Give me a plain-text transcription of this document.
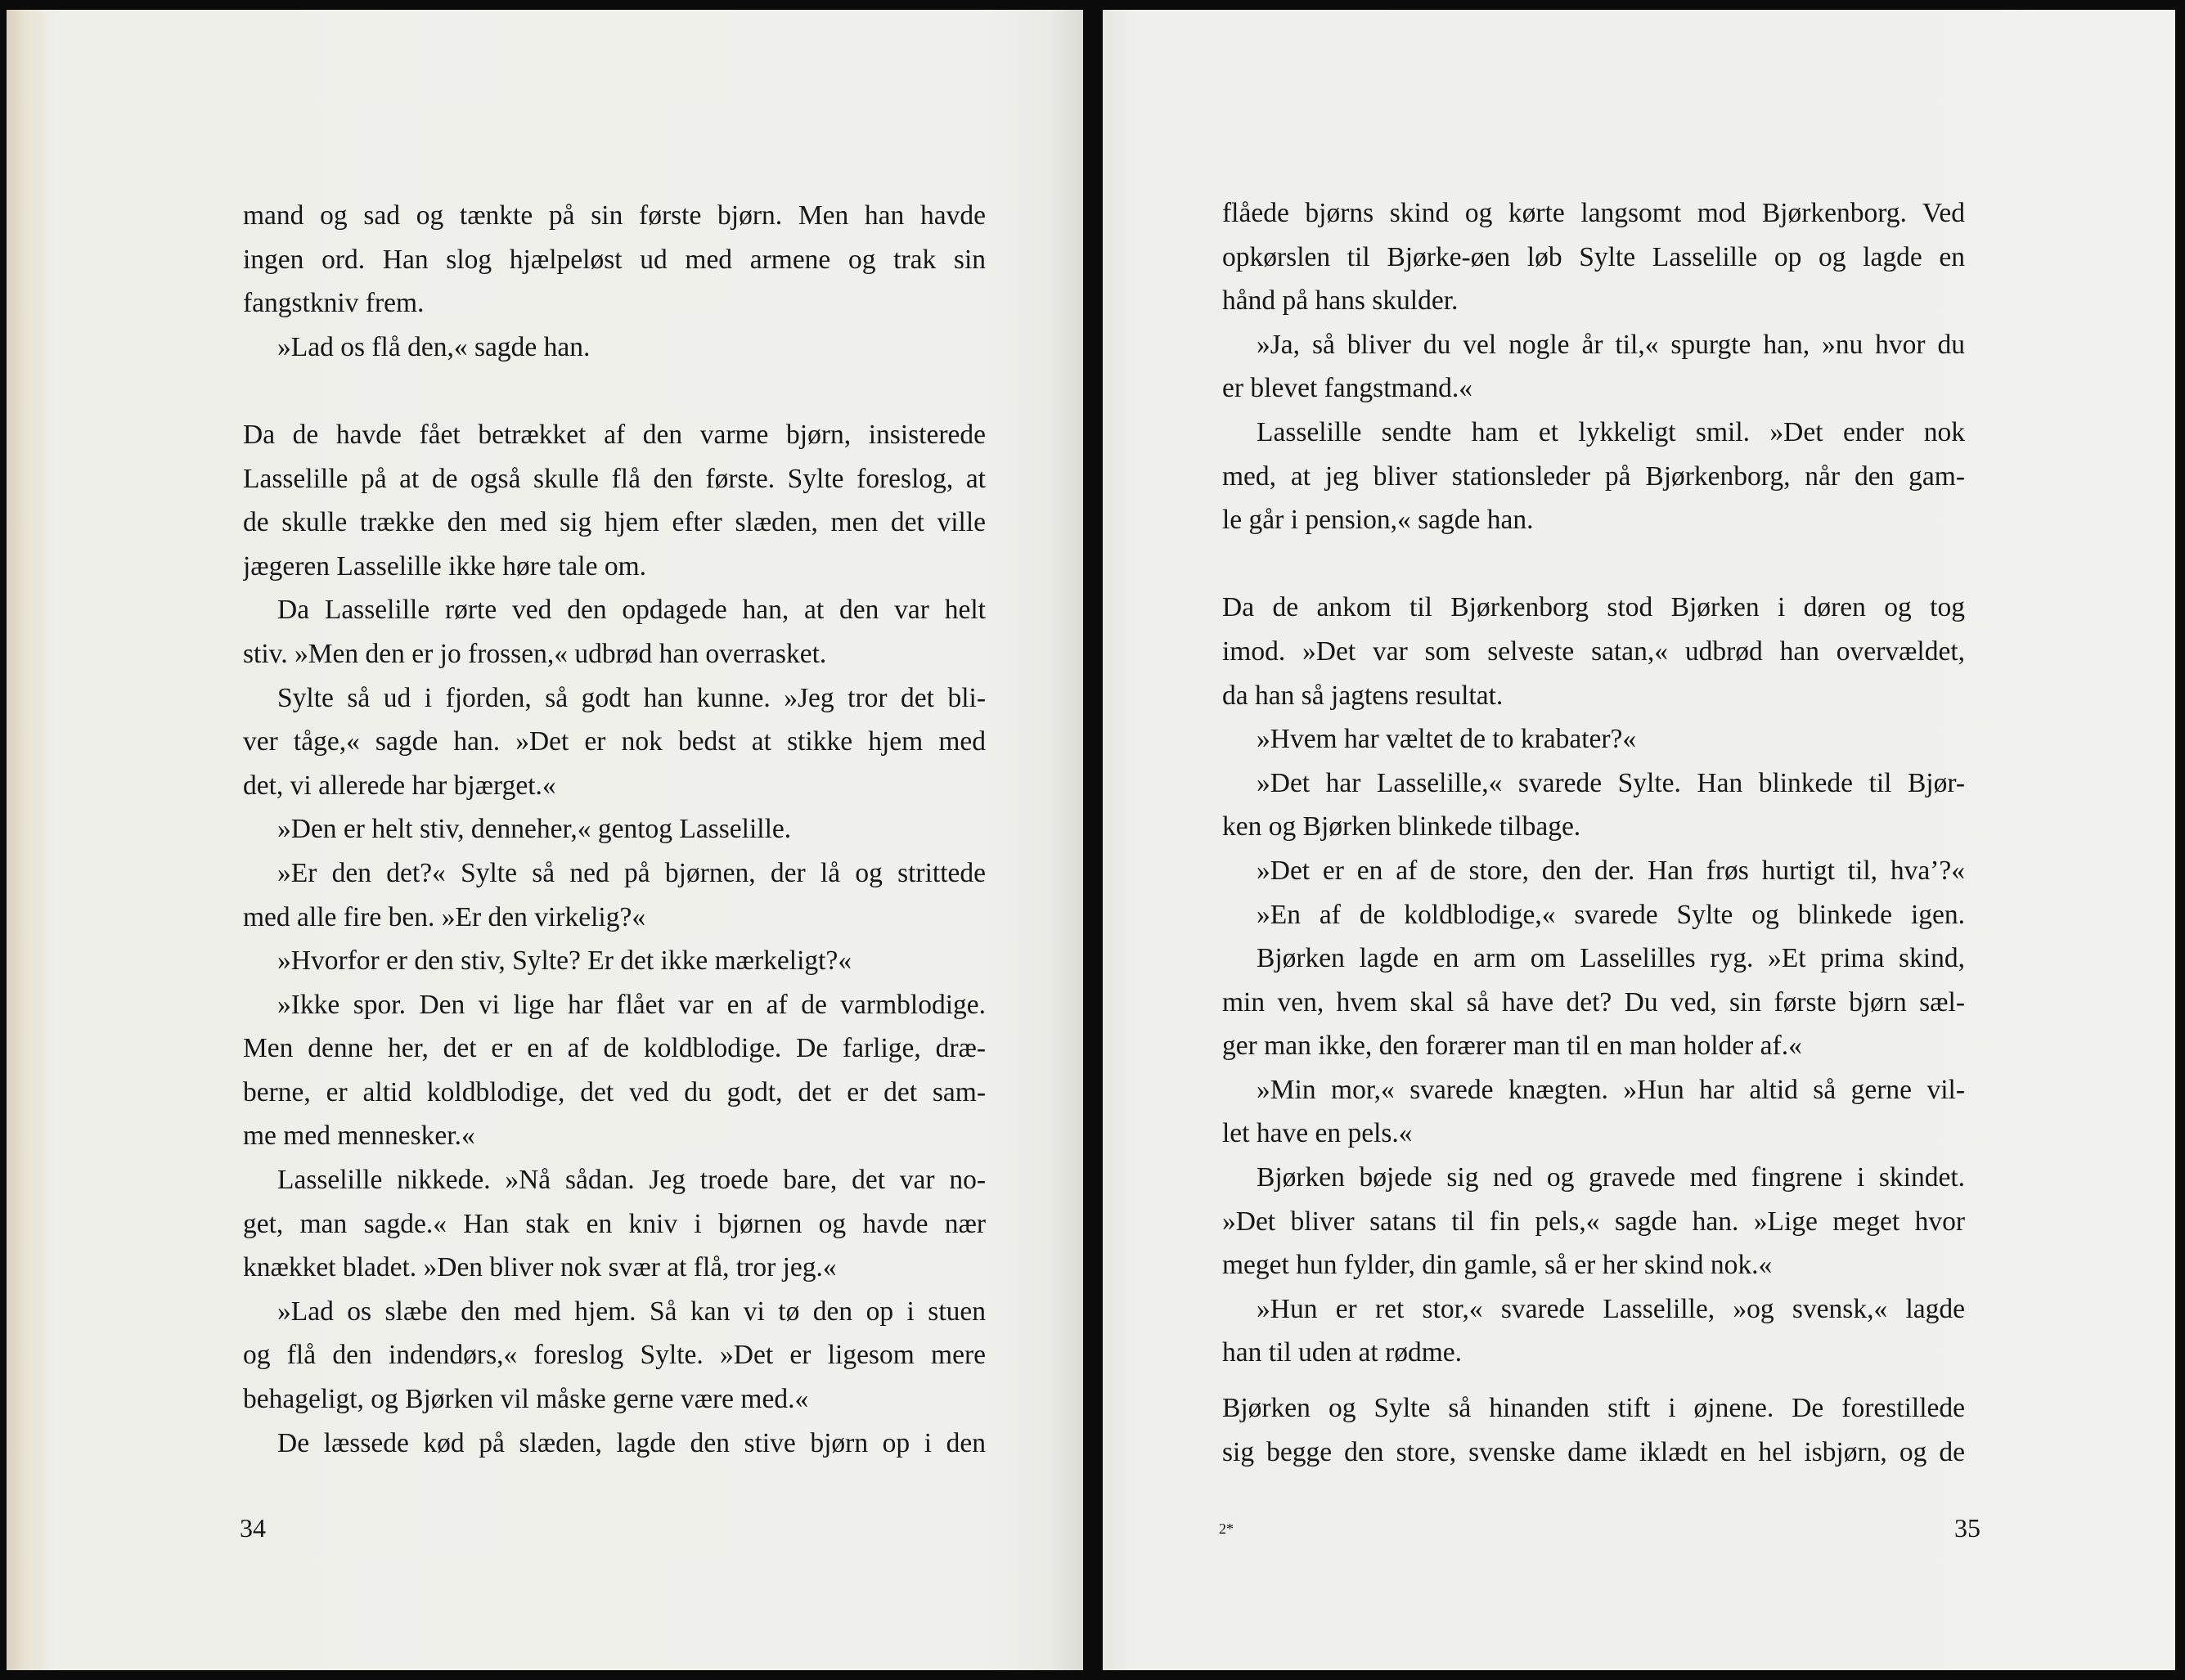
mand og sad og tænkte på sin første bjørn. Men han havde
ingen ord. Han slog hjælpeløst ud med armene og trak sin
fangstkniv frem.
»Lad os flå den,« sagde han.
Da de havde fået betrækket af den varme bjørn, insisterede
Lasselille på at de også skulle flå den første. Sylte foreslog, at
de skulle trække den med sig hjem efter slæden, men det ville
jægeren Lasselille ikke høre tale om.
Da Lasselille rørte ved den opdagede han, at den var helt
stiv. »Men den er jo frossen,« udbrød han overrasket.
Sylte så ud i fjorden, så godt han kunne. »Jeg tror det bli-
ver tåge,« sagde han. »Det er nok bedst at stikke hjem med
det, vi allerede har bjærget.«
»Den er helt stiv, denneher,« gentog Lasselille.
»Er den det?« Sylte så ned på bjørnen, der lå og strittede
med alle fire ben. »Er den virkelig?«
»Hvorfor er den stiv, Sylte? Er det ikke mærkeligt?«
»Ikke spor. Den vi lige har flået var en af de varmblodige.
Men denne her, det er en af de koldblodige. De farlige, dræ-
berne, er altid koldblodige, det ved du godt, det er det sam-
me med mennesker.«
Lasselille nikkede. »Nå sådan. Jeg troede bare, det var no-
get, man sagde.« Han stak en kniv i bjørnen og havde nær
knækket bladet. »Den bliver nok svær at flå, tror jeg.«
»Lad os slæbe den med hjem. Så kan vi tø den op i stuen
og flå den indendørs,« foreslog Sylte. »Det er ligesom mere
behageligt, og Bjørken vil måske gerne være med.«
De læssede kød på slæden, lagde den stive bjørn op i den
34
flåede bjørns skind og kørte langsomt mod Bjørkenborg. Ved
opkørslen til Bjørke-øen løb Sylte Lasselille op og lagde en
hånd på hans skulder.
»Ja, så bliver du vel nogle år til,« spurgte han, »nu hvor du
er blevet fangstmand.«
Lasselille sendte ham et lykkeligt smil. »Det ender nok
med, at jeg bliver stationsleder på Bjørkenborg, når den gam-
le går i pension,« sagde han.
Da de ankom til Bjørkenborg stod Bjørken i døren og tog
imod. »Det var som selveste satan,« udbrød han overvældet,
da han så jagtens resultat.
»Hvem har væltet de to krabater?«
»Det har Lasselille,« svarede Sylte. Han blinkede til Bjør-
ken og Bjørken blinkede tilbage.
»Det er en af de store, den der. Han frøs hurtigt til, hva’?«
»En af de koldblodige,« svarede Sylte og blinkede igen.
Bjørken lagde en arm om Lasselilles ryg. »Et prima skind,
min ven, hvem skal så have det? Du ved, sin første bjørn sæl-
ger man ikke, den forærer man til en man holder af.«
»Min mor,« svarede knægten. »Hun har altid så gerne vil-
let have en pels.«
Bjørken bøjede sig ned og gravede med fingrene i skindet.
»Det bliver satans til fin pels,« sagde han. »Lige meget hvor
meget hun fylder, din gamle, så er her skind nok.«
»Hun er ret stor,« svarede Lasselille, »og svensk,« lagde
han til uden at rødme.
Bjørken og Sylte så hinanden stift i øjnene. De forestillede
sig begge den store, svenske dame iklædt en hel isbjørn, og de
2*	35
